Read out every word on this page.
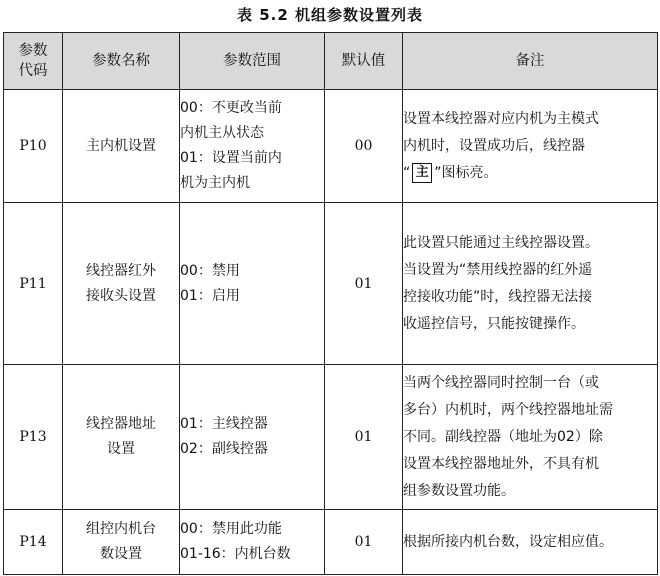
表 5.2 机组参数设置列表
参数
代码	参数名称	参数范围	默认值	备注
P10	主内机设置	00：不更改当前
内机主从状态
01：设置当前内
机为主内机	00	设置本线控器对应内机为主模式
内机时，设置成功后，线控器
“ 主 ”图标亮。

P11	线控器红外
接收头设置	00：禁用
01：启用	01	此设置只能通过主线控器设置。
当设置为“禁用线控器的红外遥
控接收功能”时，线控器无法接
收遥控信号，只能按键操作。

P13	线控器地址
设置	01：主线控器
02：副线控器	01	当两个线控器同时控制一台（或
多台）内机时，两个线控器地址需
不同。副线控器（地址为02）除
设置本线控器地址外，不具有机
组参数设置功能。

P14	组控内机台
数设置	00：禁用此功能
01-16：内机台数	01	根据所接内机台数，设定相应值。
